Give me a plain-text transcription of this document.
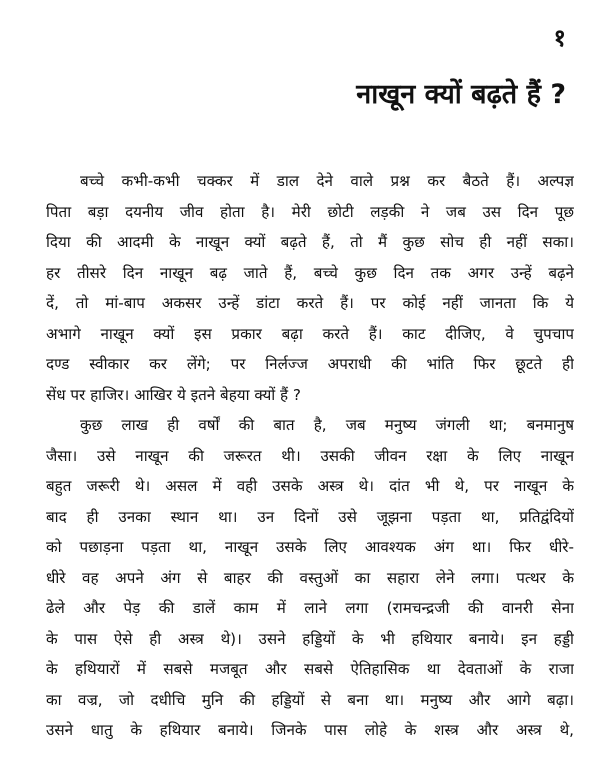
१
नाखून क्यों बढ़ते हैं ?
बच्चे कभी-कभी चक्कर में डाल देने वाले प्रश्न कर बैठते हैं। अल्पज्ञ
पिता बड़ा दयनीय जीव होता है। मेरी छोटी लड़की ने जब उस दिन पूछ
दिया की आदमी के नाखून क्यों बढ़ते हैं, तो मैं कुछ सोच ही नहीं सका।
हर तीसरे दिन नाखून बढ़ जाते हैं, बच्चे कुछ दिन तक अगर उन्हें बढ़ने
दें, तो मां-बाप अकसर उन्हें डांटा करते हैं। पर कोई नहीं जानता कि ये
अभागे नाखून क्यों इस प्रकार बढ़ा करते हैं। काट दीजिए, वे चुपचाप
दण्ड स्वीकार कर लेंगे; पर निर्लज्ज अपराधी की भांति फिर छूटते ही
सेंध पर हाजिर। आखिर ये इतने बेहया क्यों हैं ?
कुछ लाख ही वर्षों की बात है, जब मनुष्य जंगली था; बनमानुष
जैसा। उसे नाखून की जरूरत थी। उसकी जीवन रक्षा के लिए नाखून
बहुत जरूरी थे। असल में वही उसके अस्त्र थे। दांत भी थे, पर नाखून के
बाद ही उनका स्थान था। उन दिनों उसे जूझना पड़ता था, प्रतिद्वंदियों
को पछाड़ना पड़ता था, नाखून उसके लिए आवश्यक अंग था। फिर धीरे-
धीरे वह अपने अंग से बाहर की वस्तुओं का सहारा लेने लगा। पत्थर के
ढेले और पेड़ की डालें काम में लाने लगा (रामचन्द्रजी की वानरी सेना
के पास ऐसे ही अस्त्र थे)। उसने हड्डियों के भी हथियार बनाये। इन हड्डी
के हथियारों में सबसे मजबूत और सबसे ऐतिहासिक था देवताओं के राजा
का वज्र, जो दधीचि मुनि की हड्डियों से बना था। मनुष्य और आगे बढ़ा।
उसने धातु के हथियार बनाये। जिनके पास लोहे के शस्त्र और अस्त्र थे,
